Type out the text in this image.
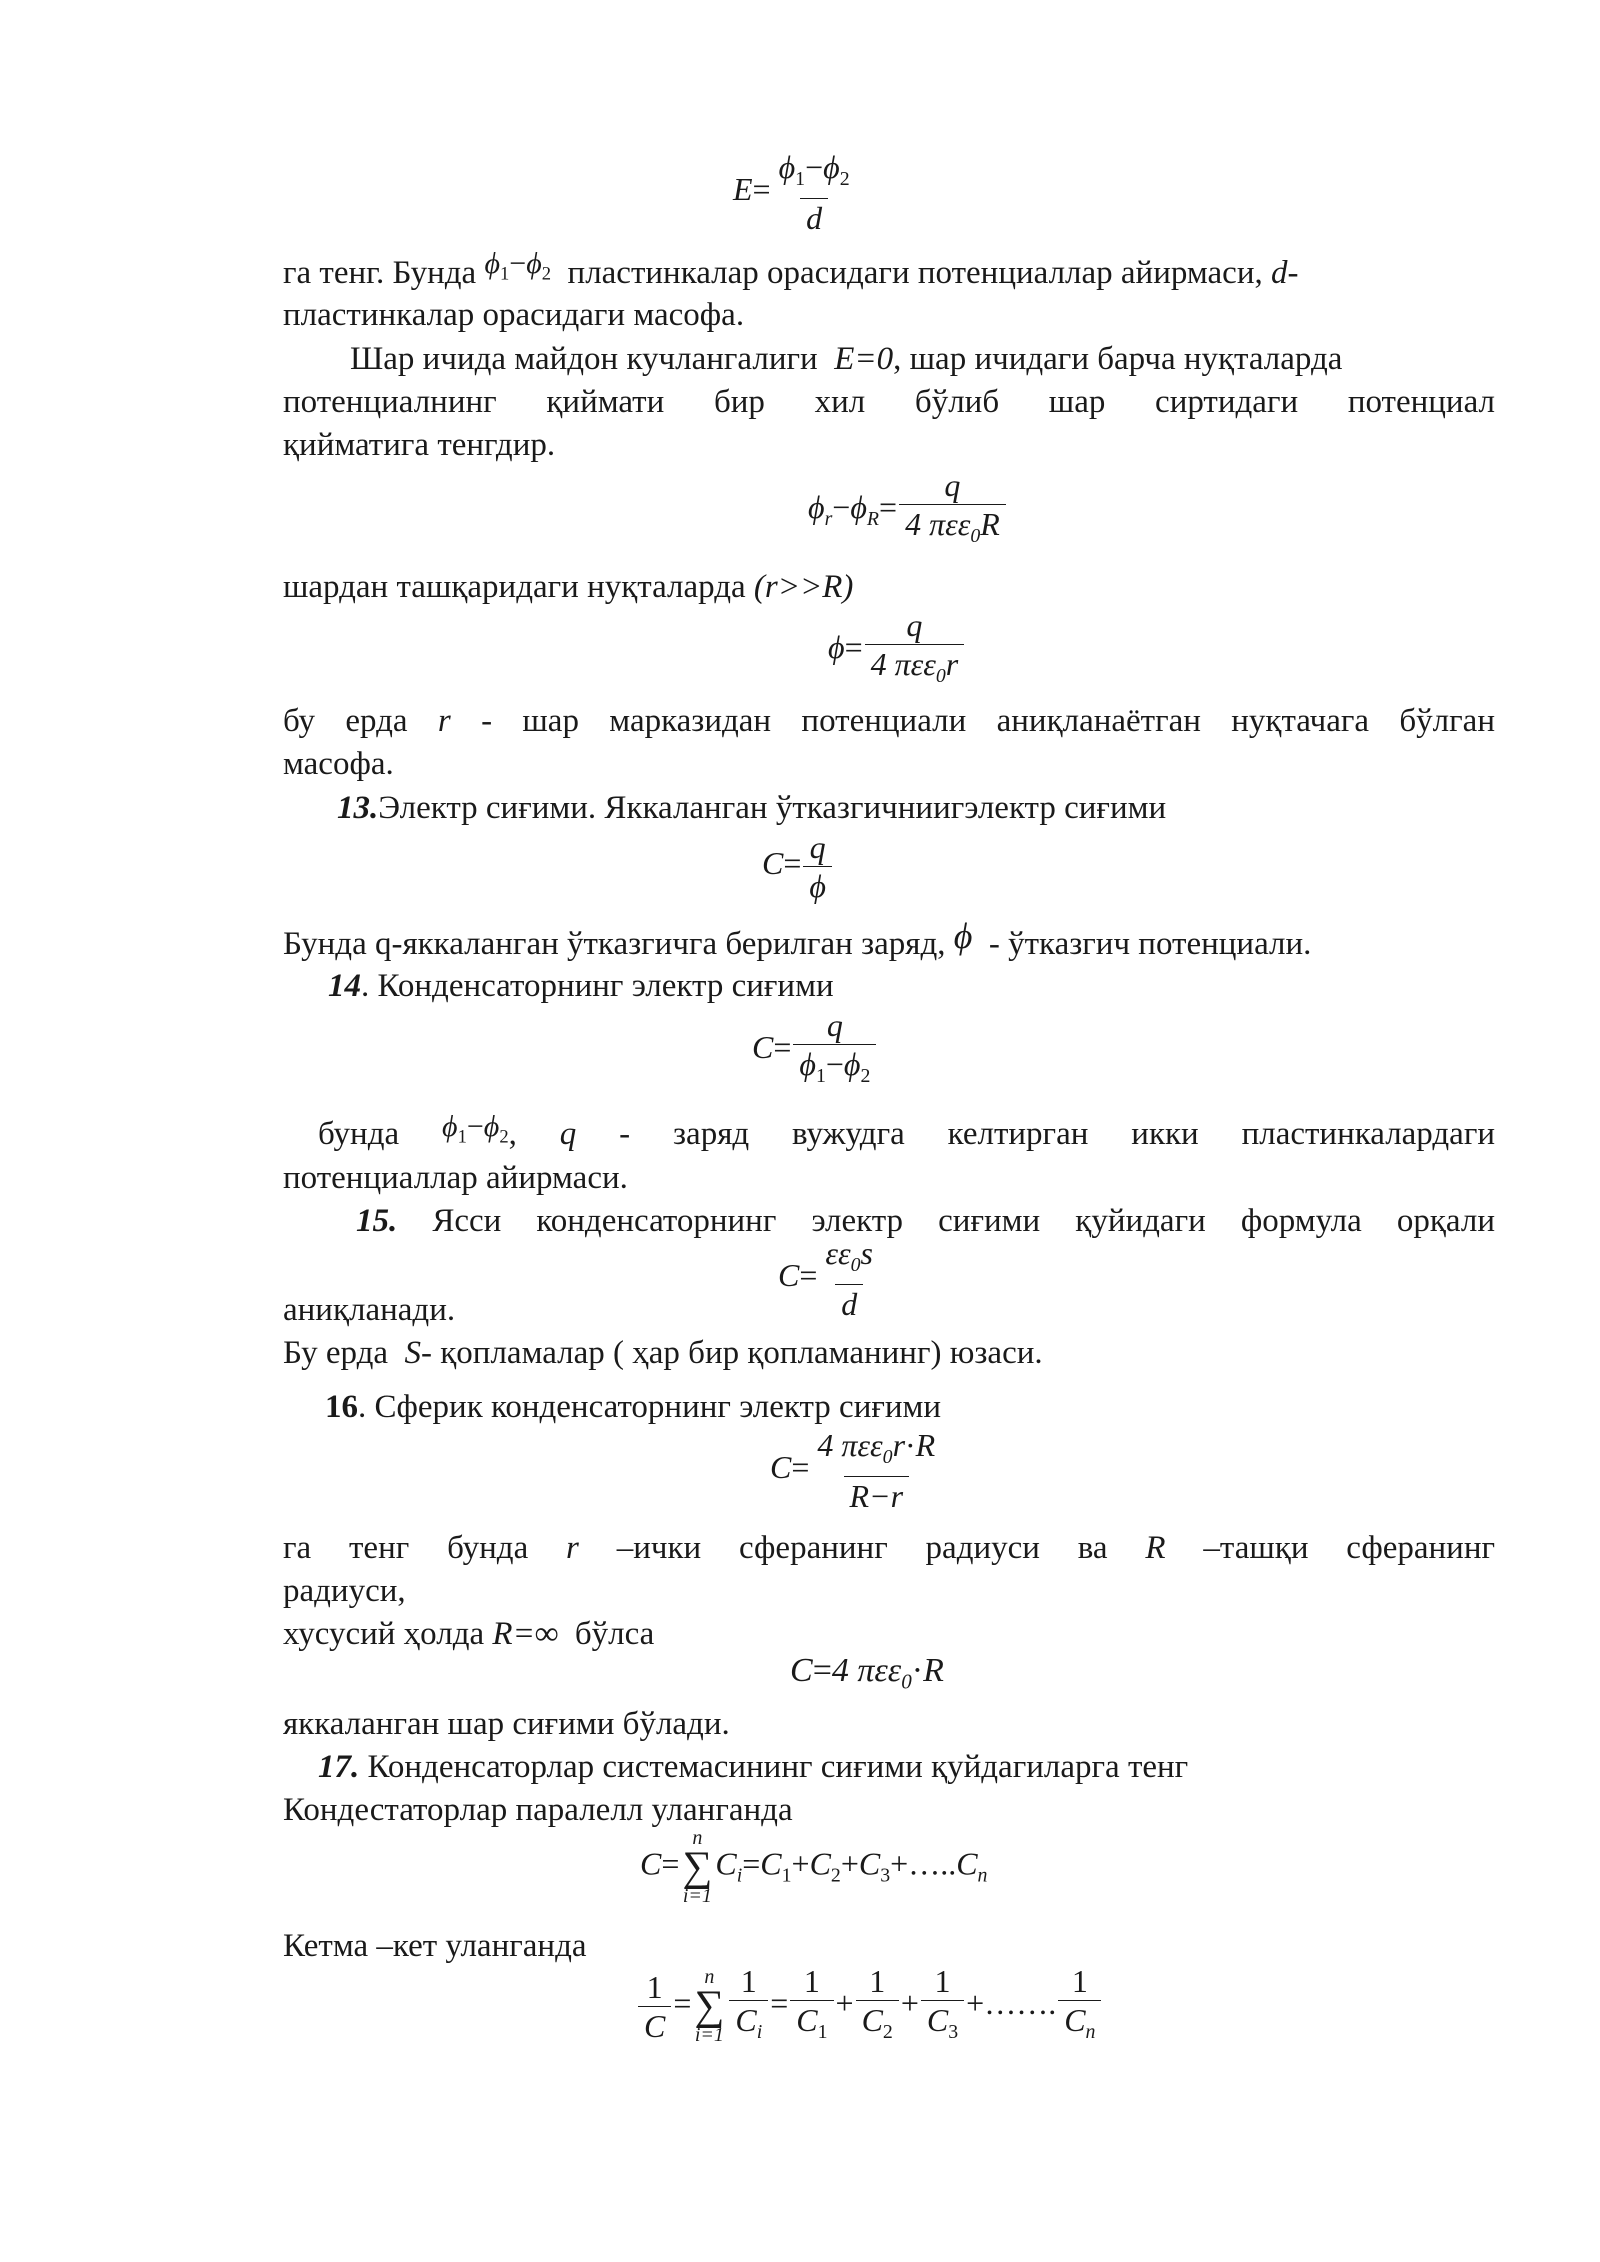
$E= \frac{\phi_1-\phi_2}{d}$
га тенг. Бунда $\phi_1-\phi_2$ пластинкалар орасидаги потенциаллар айирмаси, d-
пластинкалар орасидаги масофа.
Шар ичида майдон кучлангалиги E=0, шар ичидаги барча нуқталарда
потенциалнинг қиймати бир хил бўлиб шар сиртидаги потенциал
қийматига тенгдир.
$\phi_r-\phi_R= \frac{q}{4 \pi\varepsilon\varepsilon_0R}$
шардан ташқаридаги нуқталарда (r>>R)
$\phi= \frac{q}{4 \pi\varepsilon\varepsilon_0r}$
бу ерда r - шар марказидан потенциали аниқланаётган нуқтачага бўлган
масофа.
13.Электр сиғими. Яккаланган ўтказгичниигэлектр сиғими
$C= \frac{q}{\phi}$
Бунда q-яккаланган ўтказгичга берилган заряд, ϕ - ўтказгич потенциали.
14. Конденсаторнинг электр сиғими
$C= \frac{q}{\phi_1-\phi_2}$
бунда $\phi_1-\phi_2$, q - заряд вужудга келтирган икки пластинкалардаги
потенциаллар айирмаси.
15. Ясси конденсаторнинг электр сиғими қуйидаги формула орқали
$C= \frac{\varepsilon\varepsilon_0s}{d}$
аниқланади.
Бу ерда S- қопламалар ( ҳар бир қопламанинг) юзаси.
16. Сферик конденсаторнинг электр сиғими
$C= \frac{4 \pi\varepsilon\varepsilon_0r\cdot R}{R-r}$
га тенг бунда r –ички сферанинг радиуси ва R –ташқи сферанинг
радиуси,
хусусий ҳолда R=∞ бўлса
C=4 πεε$_0$·R
яккаланган шар сиғими бўлади.
17. Конденсаторлар системасининг сиғими қуйдагиларга тенг
Кондестаторлар паралелл уланганда
C=
n
∑
i=1
$C_i=C_1+C_2+C_3+\dots..C_n$
Кетма –кет уланганда
$\frac{1}{C}$ =
n
∑
$i=1 \frac{1}{C_i} = \frac{1}{C_1} + \frac{1}{C_2} + \frac{1}{C_3}$ +……. $\frac{1}{C_n}$
